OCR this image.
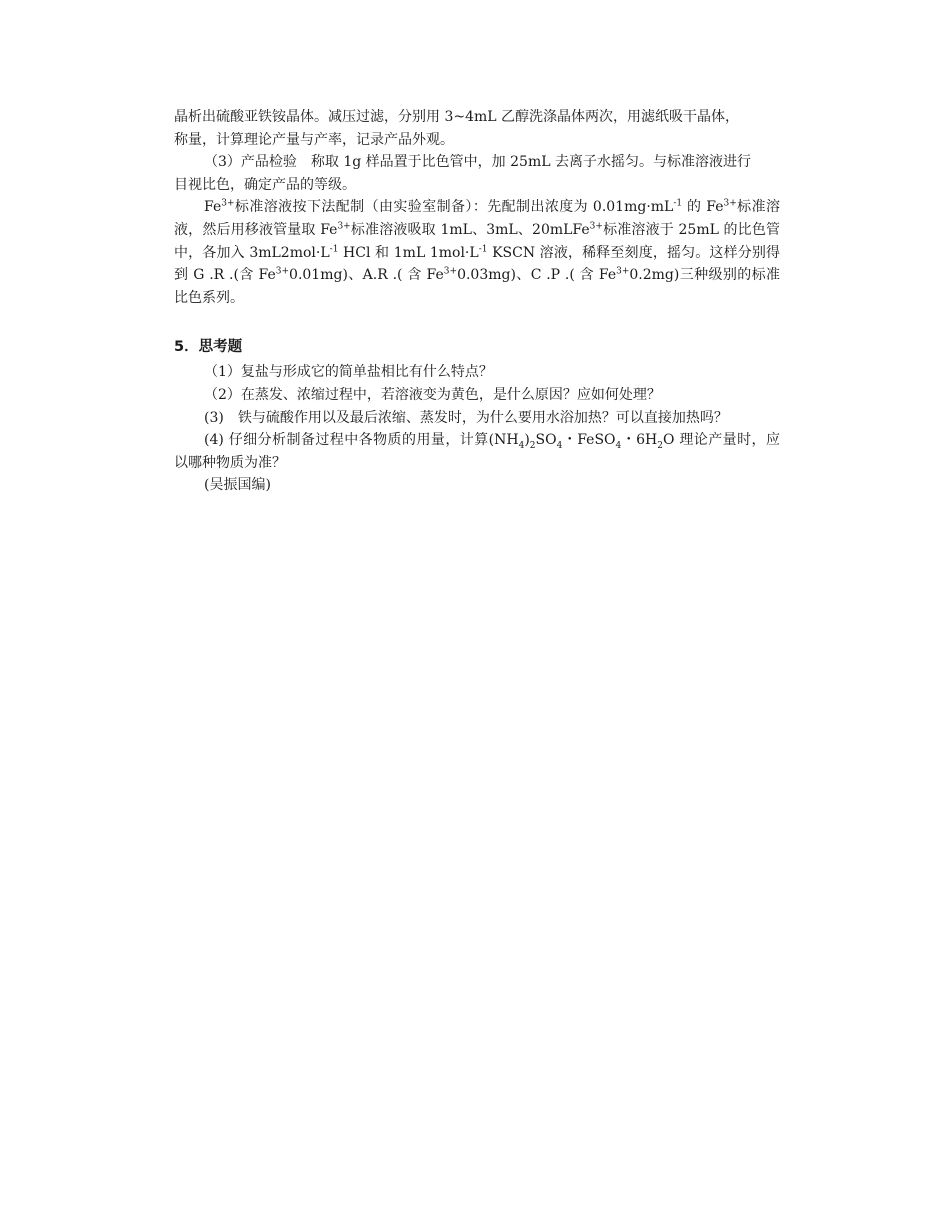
晶析出硫酸亚铁铵晶体。减压过滤，分别用 3~4mL 乙醇洗涤晶体两次，用滤纸吸干晶体，
称量，计算理论产量与产率，记录产品外观。

（3）产品检验　称取 1g 样品置于比色管中，加 25mL 去离子水摇匀。与标准溶液进行
目视比色，确定产品的等级。

$Fe^{3+}$标准溶液按下法配制（由实验室制备）：先配制出浓度为 $0.01mg\cdot mL^{-1}$ 的 $Fe^{3+}$标准溶液，然后用移液管量取 $Fe^{3+}$标准溶液吸取 1mL、3mL、20mLFe$^{3+}$标准溶液于 25mL 的比色管中，各加入 $3mL2mol\cdot L^{-1}$ HCl 和 1mL $1mol\cdot L^{-1}$ KSCN 溶液，稀释至刻度，摇匀。这样分别得到 G .R .(含 $Fe^{3+}0.01mg$)、A.R .( 含 $Fe^{3+}0.03mg$)、C .P .( 含 $Fe^{3+}0.2mg$)三种级别的标准比色系列。

5．思考题

（1）复盐与形成它的简单盐相比有什么特点？

（2）在蒸发、浓缩过程中，若溶液变为黄色，是什么原因？应如何处理？

(3)　铁与硫酸作用以及最后浓缩、蒸发时，为什么要用水浴加热？可以直接加热吗？

(4) 仔细分析制备过程中各物质的用量，计算$(NH_4)_2SO_4$・FeSO$_4$・$6H_2O$ 理论产量时，应以哪种物质为准？

(吴振国编)
